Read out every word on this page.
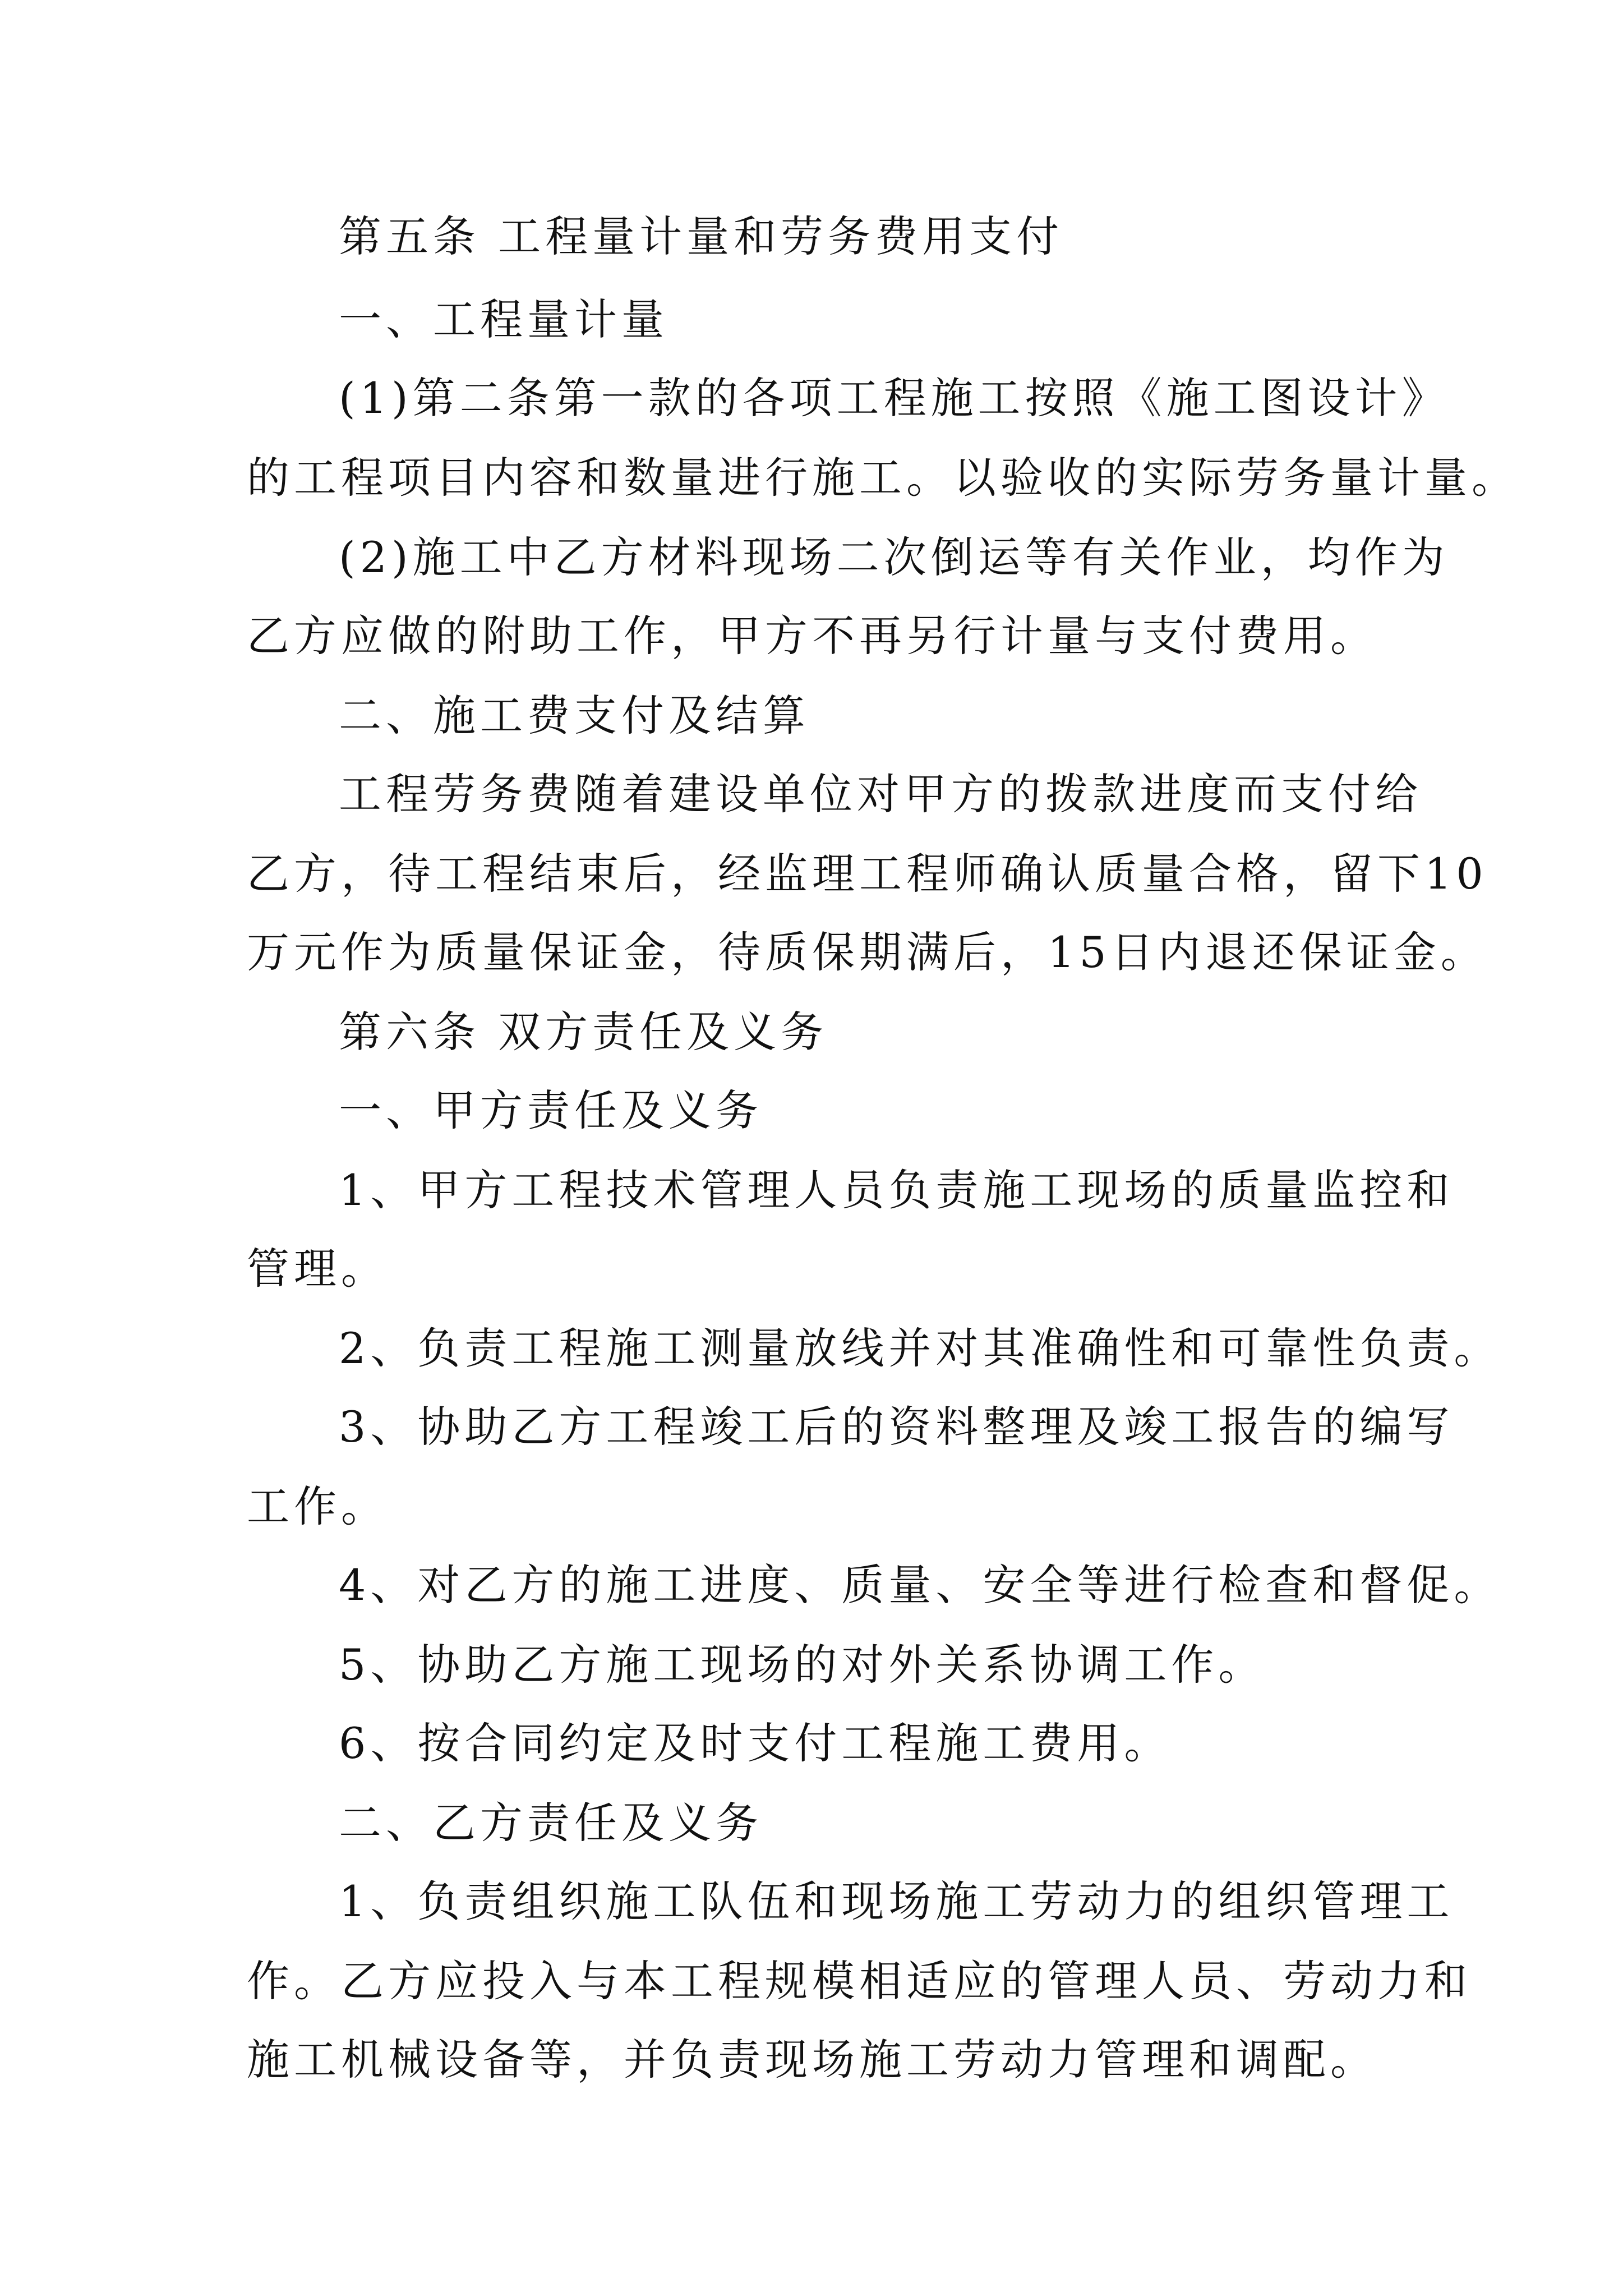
第五条 工程量计量和劳务费用支付
一、工程量计量
(1)第二条第一款的各项工程施工按照《施工图设计》
的工程项目内容和数量进行施工。以验收的实际劳务量计量。
(2)施工中乙方材料现场二次倒运等有关作业，均作为
乙方应做的附助工作，甲方不再另行计量与支付费用。
二、施工费支付及结算
工程劳务费随着建设单位对甲方的拨款进度而支付给
乙方，待工程结束后，经监理工程师确认质量合格，留下10
万元作为质量保证金，待质保期满后，15日内退还保证金。
第六条 双方责任及义务
一、甲方责任及义务
1、甲方工程技术管理人员负责施工现场的质量监控和
管理。
2、负责工程施工测量放线并对其准确性和可靠性负责。
3、协助乙方工程竣工后的资料整理及竣工报告的编写
工作。
4、对乙方的施工进度、质量、安全等进行检查和督促。
5、协助乙方施工现场的对外关系协调工作。
6、按合同约定及时支付工程施工费用。
二、乙方责任及义务
1、负责组织施工队伍和现场施工劳动力的组织管理工
作。乙方应投入与本工程规模相适应的管理人员、劳动力和
施工机械设备等，并负责现场施工劳动力管理和调配。
